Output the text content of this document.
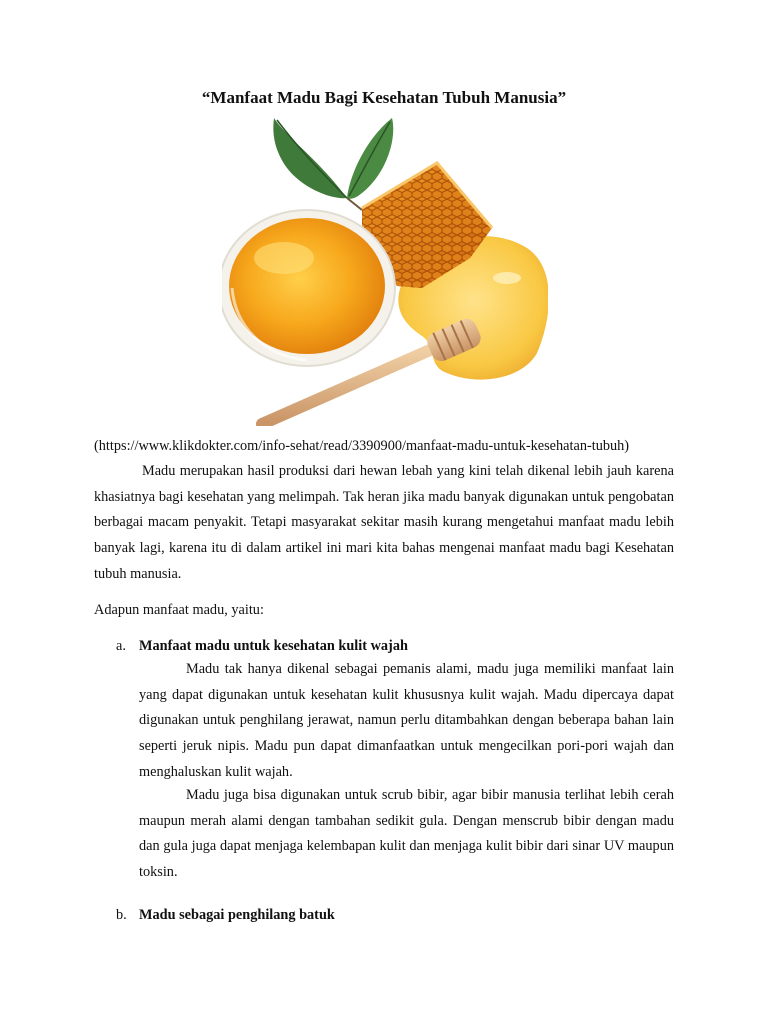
“Manfaat Madu Bagi Kesehatan Tubuh Manusia”
(https://www.klikdokter.com/info-sehat/read/3390900/manfaat-madu-untuk-kesehatan-tubuh)

Madu merupakan hasil produksi dari hewan lebah yang kini telah dikenal lebih jauh karena khasiatnya bagi kesehatan yang melimpah. Tak heran jika madu banyak digunakan untuk pengobatan berbagai macam penyakit. Tetapi masyarakat sekitar masih kurang mengetahui manfaat madu lebih banyak lagi, karena itu di dalam artikel ini mari kita bahas mengenai manfaat madu bagi Kesehatan tubuh manusia.

Adapun manfaat madu, yaitu:

a. Manfaat madu untuk kesehatan kulit wajah

Madu tak hanya dikenal sebagai pemanis alami, madu juga memiliki manfaat lain yang dapat digunakan untuk kesehatan kulit khususnya kulit wajah. Madu dipercaya dapat digunakan untuk penghilang jerawat, namun perlu ditambahkan dengan beberapa bahan lain seperti jeruk nipis. Madu pun dapat dimanfaatkan untuk mengecilkan pori-pori wajah dan menghaluskan kulit wajah.

Madu juga bisa digunakan untuk scrub bibir, agar bibir manusia terlihat lebih cerah maupun merah alami dengan tambahan sedikit gula. Dengan menscrub bibir dengan madu dan gula juga dapat menjaga kelembapan kulit dan menjaga kulit bibir dari sinar UV maupun toksin.

b. Madu sebagai penghilang batuk
